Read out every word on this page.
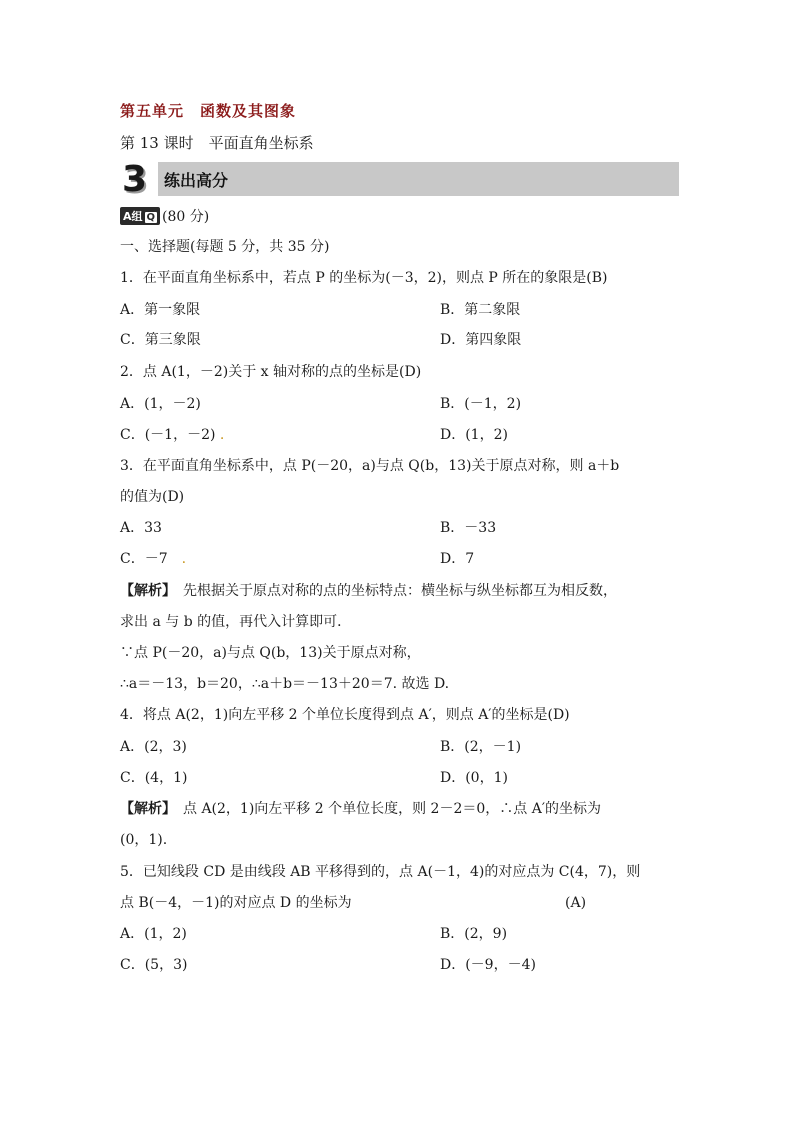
第五单元　函数及其图象
第 13 课时　平面直角坐标系
3 练出高分
A组 Q (80 分)
一、选择题(每题 5 分，共 35 分)
1．在平面直角坐标系中，若点 P 的坐标为(－3，2)，则点 P 所在的象限是(B)
A．第一象限	B．第二象限
C．第三象限	D．第四象限
2．点 A(1，－2)关于 x 轴对称的点的坐标是(D)
A．(1，－2)	B．(－1，2)
C．(－1，－2) .	D．(1，2)
3．在平面直角坐标系中，点 P(－20，a)与点 Q(b，13)关于原点对称，则 a＋b
的值为(D)
A．33	B．－33
C．－7　 .	D．7
【解析】　先根据关于原点对称的点的坐标特点：横坐标与纵坐标都互为相反数，
求出 a 与 b 的值，再代入计算即可．
∵点 P(－20，a)与点 Q(b，13)关于原点对称，
∴a＝－13，b＝20，∴a＋b＝－13＋20＝7. 故选 D.
4．将点 A(2，1)向左平移 2 个单位长度得到点 A′，则点 A′的坐标是(D)
A．(2，3)	B．(2，－1)
C．(4，1)	D．(0，1)
【解析】　点 A(2，1)向左平移 2 个单位长度，则 2－2＝0，∴点 A′的坐标为
(0，1).
5．已知线段 CD 是由线段 AB 平移得到的，点 A(－1，4)的对应点为 C(4，7)，则
点 B(－4，－1)的对应点 D 的坐标为	(A)
A．(1，2)	B．(2，9)
C．(5，3)	D．(－9，－4)
